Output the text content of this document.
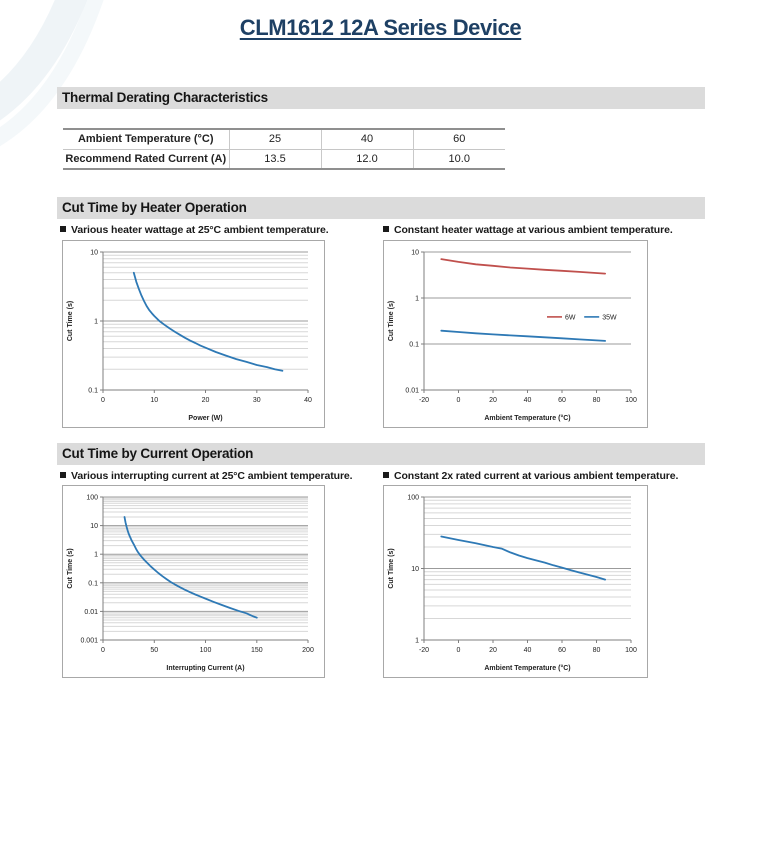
CLM1612 12A Series Device
Thermal Derating Characteristics
Ambient Temperature (°C)	25	40	60
Recommend Rated Current (A)	13.5	12.0	10.0
Cut Time by Heater Operation
Various heater wattage at 25°C ambient temperature.	Constant heater wattage at various ambient temperature.
0.1
1
10
0	10	20	30	40
Power (W)
Cut Time (s)
0.01
0.1
1
10
-20	0	20	40	60	80	100
6W	35W
Ambient Temperature (°C)
Cut Time (s)
Cut Time by Current Operation
Various interrupting current at 25°C ambient temperature.	Constant 2x rated current at various ambient temperature.
0.001
0.01
0.1
1
10
100
0	50	100	150	200
Interrupting Current (A)
Cut Time (s)
1
10
100
-20	0	20	40	60	80	100
Ambient Temperature (°C)
Cut Time (s)
